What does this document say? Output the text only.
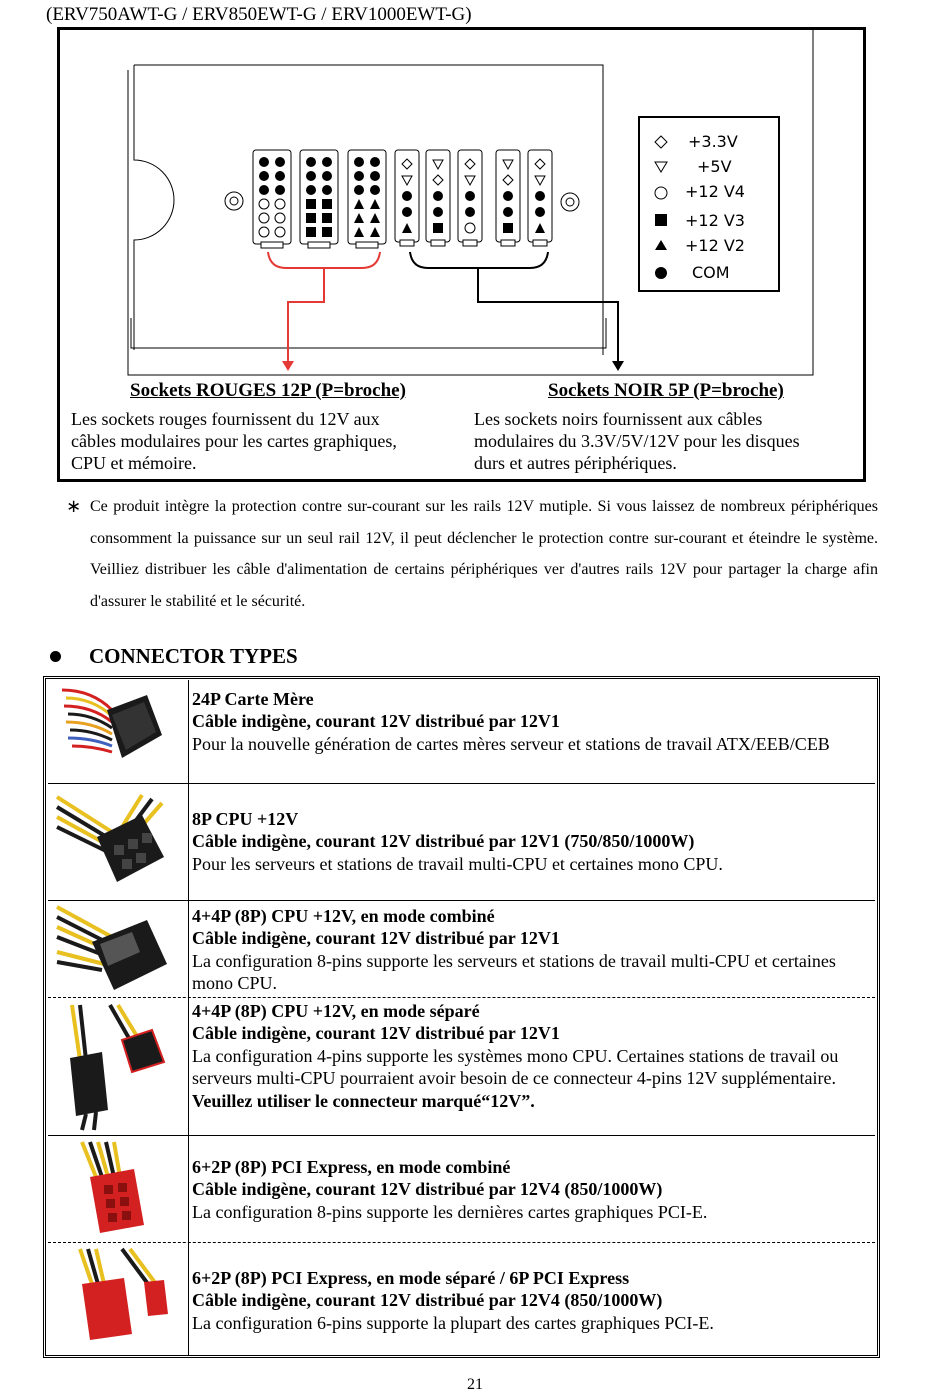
(ERV750AWT-G / ERV850EWT-G / ERV1000EWT-G)
+3.3V
+5V
+12 V4
+12 V3
+12 V2
COM
Sockets ROUGES 12P (P=broche)
Les sockets rouges fournissent du 12V aux
câbles modulaires pour les cartes graphiques,
CPU et mémoire.
Sockets NOIR 5P (P=broche)
Les sockets noirs fournissent aux câbles
modulaires du 3.3V/5V/12V pour les disques
durs et autres périphériques.
∗ Ce produit intègre la protection contre sur-courant sur les rails 12V mutiple. Si vous laissez de nombreux périphériques consomment la puissance sur un seul rail 12V, il peut déclencher le protection contre sur-courant et éteindre le système. Veilliez distribuer les câble d'alimentation de certains périphériques ver d'autres rails 12V pour partager la charge afin d'assurer le stabilité et le sécurité.
CONNECTOR TYPES
24P Carte Mère
Câble indigène, courant 12V distribué par 12V1
Pour la nouvelle génération de cartes mères serveur et stations de travail ATX/EEB/CEB
8P CPU +12V
Câble indigène, courant 12V distribué par 12V1 (750/850/1000W)
Pour les serveurs et stations de travail multi-CPU et certaines mono CPU.
4+4P (8P) CPU +12V, en mode combiné
Câble indigène, courant 12V distribué par 12V1
La configuration 8-pins supporte les serveurs et stations de travail multi-CPU et certaines mono CPU.
4+4P (8P) CPU +12V, en mode séparé
Câble indigène, courant 12V distribué par 12V1
La configuration 4-pins supporte les systèmes mono CPU. Certaines stations de travail ou serveurs multi-CPU pourraient avoir besoin de ce connecteur 4-pins 12V supplémentaire.
Veuillez utiliser le connecteur marqué“12V”.
6+2P (8P) PCI Express, en mode combiné
Câble indigène, courant 12V distribué par 12V4 (850/1000W)
La configuration 8-pins supporte les dernières cartes graphiques PCI-E.
6+2P (8P) PCI Express, en mode séparé / 6P PCI Express
Câble indigène, courant 12V distribué par 12V4 (850/1000W)
La configuration 6-pins supporte la plupart des cartes graphiques PCI-E.
21
